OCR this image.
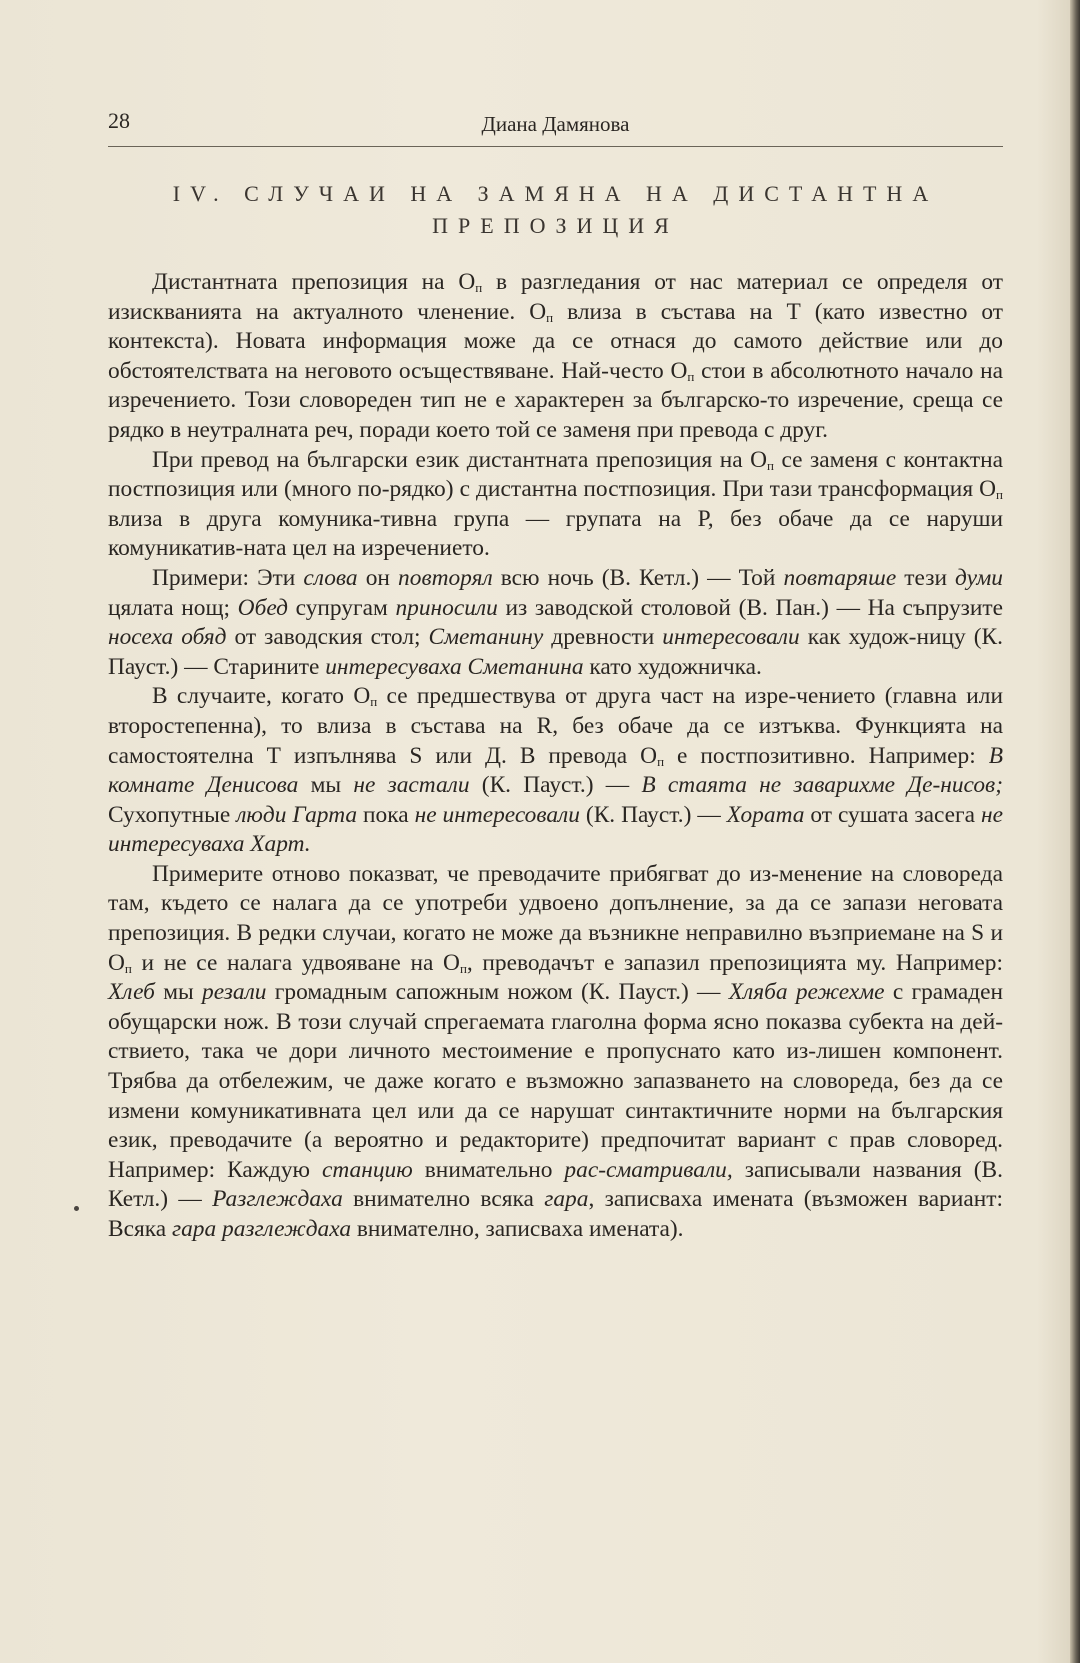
28	Диана Дамянова
IV. СЛУЧАИ НА ЗАМЯНА НА ДИСТАНТНА
ПРЕПОЗИЦИЯ

Дистантната препозиция на $О_п$ в разгледания от нас материал се определя от изискванията на актуалното членение. $О_п$ влиза в състава на Т (като известно от контекста). Новата информация може да се отнася до самото действие или до обстоятелствата на неговото осъществяване. Най-често $О_п$ стои в абсолютното начало на изречението. Този словореден тип не е характерен за българско-то изречение, среща се рядко в неутралната реч, поради което той се заменя при превода с друг.

При превод на български език дистантната препозиция на $О_п$ се заменя с контактна постпозиция или (много по-рядко) с дистантна постпозиция. При тази трансформация $О_п$ влиза в друга комуника-тивна група — групата на Р, без обаче да се наруши комуникатив-ната цел на изречението.

Примери: Эти слова он повторял всю ночь (В. Кетл.) — Той повтаряше тези думи цялата нощ; Обед супругам приносили из заводской столовой (В. Пан.) — На съпрузите носеха обяд от заводския стол; Сметанину древности интересовали как худож-ницу (К. Пауст.) — Старините интересуваха Сметанина като художничка.

В случаите, когато $О_п$ се предшествува от друга част на изре-чението (главна или второстепенна), то влиза в състава на R, без обаче да се изтъква. Функцията на самостоятелна Т изпълнява S или Д. В превода $О_п$ е постпозитивно. Например: В комнате Денисова мы не застали (К. Пауст.) — В стаята не заварихме Де-нисов; Сухопутные люди Гарта пока не интересовали (К. Пауст.) — Хората от сушата засега не интересуваха Харт.

Примерите отново показват, че преводачите прибягват до из-менение на словореда там, където се налага да се употреби удвоено допълнение, за да се запази неговата препозиция. В редки случаи, когато не може да възникне неправилно възприемане на S и $О_п$ и не се налага удвояване на $О_п$, преводачът е запазил препозицията му. Например: Хлеб мы резали громадным сапожным ножом (К. Пауст.) — Хляба режехме с грамаден обущарски нож. В този случай спрегаемата глаголна форма ясно показва субекта на дей-ствието, така че дори личното местоимение е пропуснато като из-лишен компонент. Трябва да отбележим, че даже когато е възможно запазването на словореда, без да се измени комуникативната цел или да се нарушат синтактичните норми на българския език, преводачите (а вероятно и редакторите) предпочитат вариант с прав словоред. Например: Каждую станцию внимательно рас-сматривали, записывали названия (В. Кетл.) — Разглеждаха внимателно всяка гара, записваха имената (възможен вариант: Всяка гара разглеждаха внимателно, записваха имената).
